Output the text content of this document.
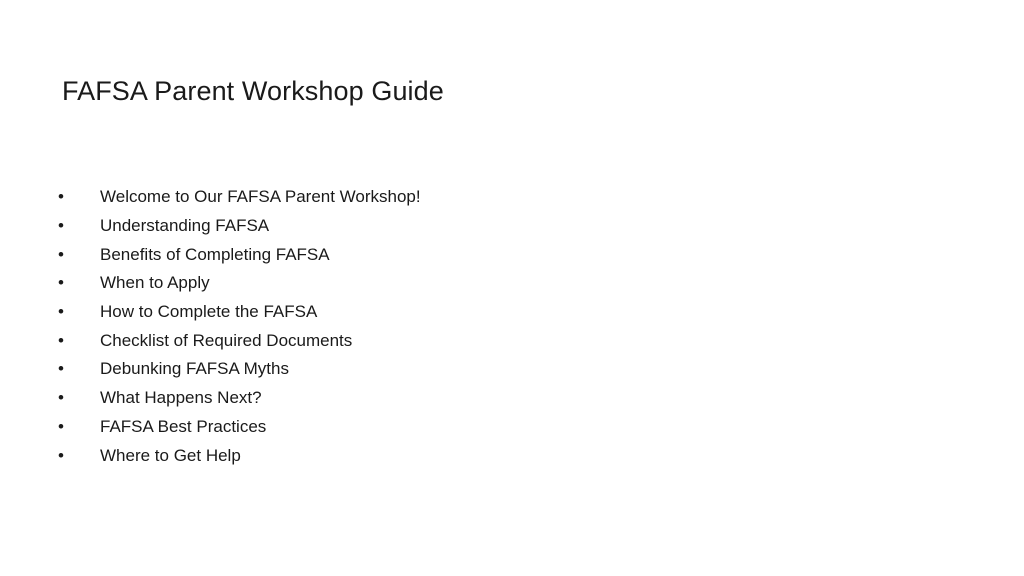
FAFSA Parent Workshop Guide
•	Welcome to Our FAFSA Parent Workshop!
•	Understanding FAFSA
•	Benefits of Completing FAFSA
•	When to Apply
•	How to Complete the FAFSA
•	Checklist of Required Documents
•	Debunking FAFSA Myths
•	What Happens Next?
•	FAFSA Best Practices
•	Where to Get Help
